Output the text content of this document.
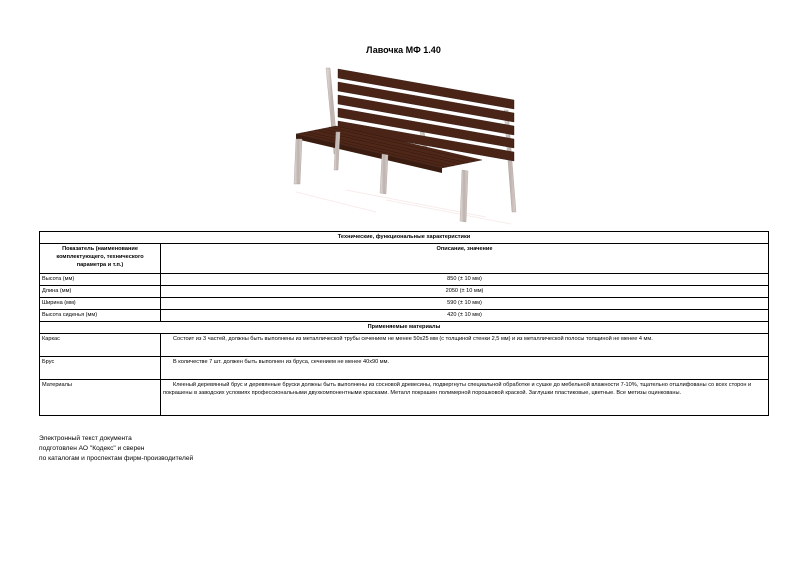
Лавочка МФ 1.40
Технические, функциональные характеристики	
Показатель (наименование комплектующего, технического параметра и т.п.)	Описание, значение
Высота (мм)	850 (± 10 мм)
Длина (мм)	2050 (± 10 мм)
Ширина (мм)	590 (± 10 мм)
Высота сиденья (мм)	420 (± 10 мм)
Применяемые материалы	
Каркас	Состоит из 3 частей, должны быть выполнены из металлической трубы сечением не менее 50x25 мм (с толщиной стенки 2,5 мм) и из металлической полосы толщиной не менее 4 мм.
Брус	В количестве 7 шт. должен быть выполнен из бруса, сечением не менее 40x90 мм.
Материалы	Клееный деревянный брус и деревянные бруски должны быть выполнены из сосновой древесины, подвергнуты специальной обработке и сушке до мебельной влажности 7-10%, тщательно отшлифованы со всех сторон и покрашены в заводских условиях профессиональными двухкомпонентными красками. Металл покрашен полимерной порошковой краской. Заглушки пластиковые, цветные. Все метизы оцинкованы.
Электронный текст документа
подготовлен АО "Кодекс" и сверен
по каталогам и проспектам фирм-производителей
